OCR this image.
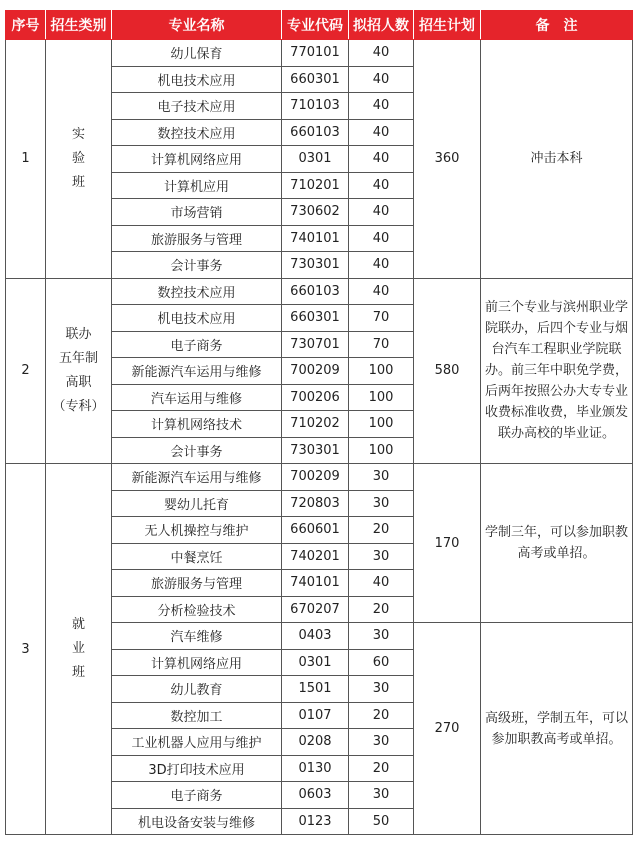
序号	招生类别	专业名称	专业代码	拟招人数	招生计划	备　注
1	实
验
班	幼儿保育	770101	40	360	冲击本科
		机电技术应用	660301	40		
		电子技术应用	710103	40		
		数控技术应用	660103	40		
		计算机网络应用	0301	40		
		计算机应用	710201	40		
		市场营销	730602	40		
		旅游服务与管理	740101	40		
		会计事务	730301	40		
2	联办
五年制
高职
（专科）	数控技术应用	660103	40	580	前三个专业与滨州职业学院联办，后四个专业与烟台汽车工程职业学院联办。前三年中职免学费，后两年按照公办大专专业收费标准收费，毕业颁发联办高校的毕业证。
		机电技术应用	660301	70		
		电子商务	730701	70		
		新能源汽车运用与维修	700209	100		
		汽车运用与维修	700206	100		
		计算机网络技术	710202	100		
		会计事务	730301	100		
3	就
业
班	新能源汽车运用与维修	700209	30	170	学制三年，可以参加职教高考或单招。
		婴幼儿托育	720803	30		
		无人机操控与维护	660601	20		
		中餐烹饪	740201	30		
		旅游服务与管理	740101	40		
		分析检验技术	670207	20		
		汽车维修	0403	30	270	高级班，学制五年，可以参加职教高考或单招。
		计算机网络应用	0301	60		
		幼儿教育	1501	30		
		数控加工	0107	20		
		工业机器人应用与维护	0208	30		
		3D打印技术应用	0130	20		
		电子商务	0603	30		
		机电设备安装与维修	0123	50		
